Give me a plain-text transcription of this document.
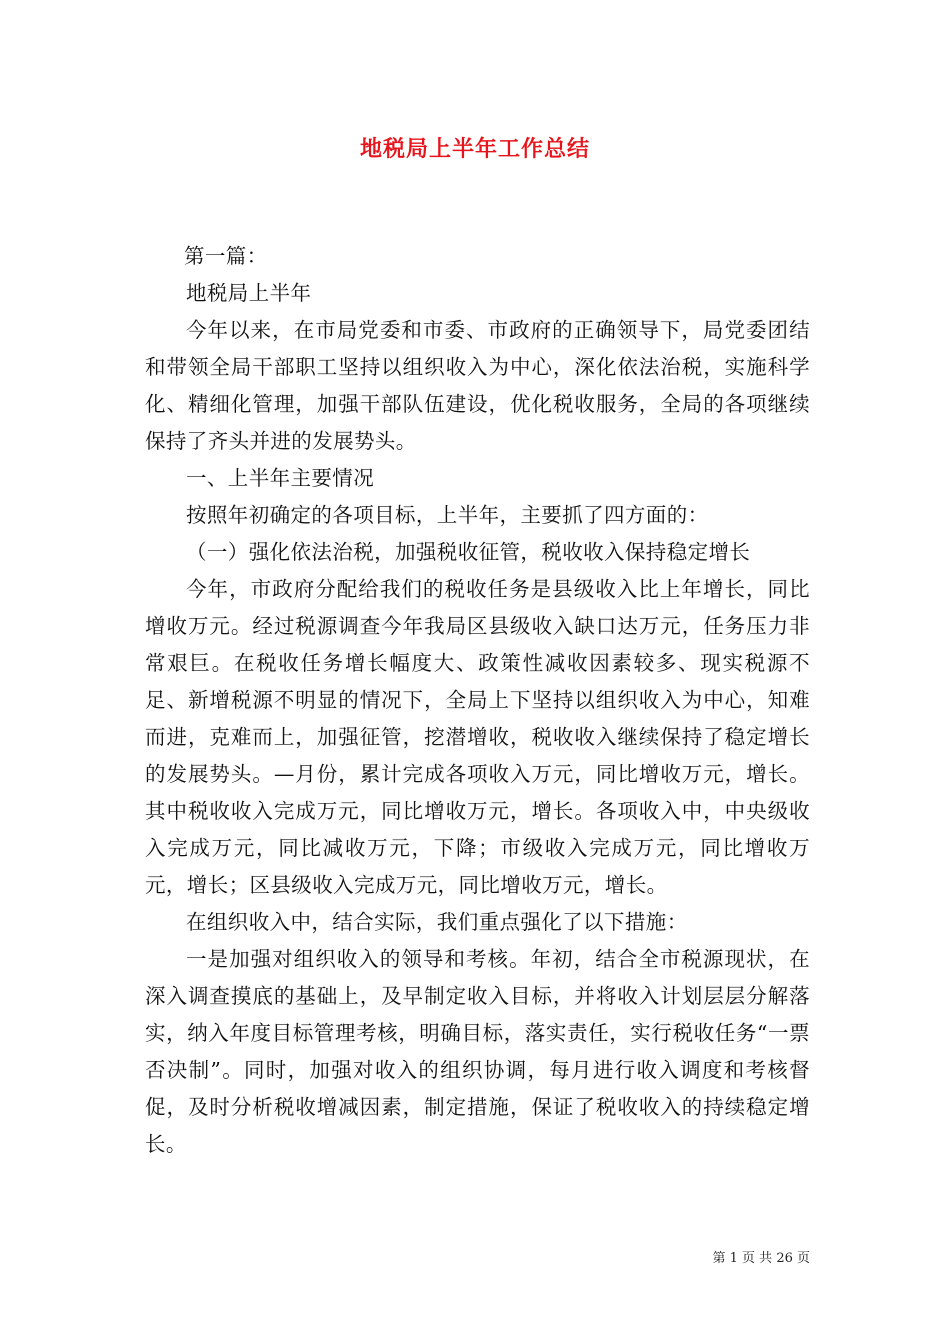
地税局上半年工作总结

第一篇：

地税局上半年

今年以来，在市局党委和市委、市政府的正确领导下，局党委团结和带领全局干部职工坚持以组织收入为中心，深化依法治税，实施科学化、精细化管理，加强干部队伍建设，优化税收服务，全局的各项继续保持了齐头并进的发展势头。

一、上半年主要情况

按照年初确定的各项目标，上半年，主要抓了四方面的：

（一）强化依法治税，加强税收征管，税收收入保持稳定增长

今年，市政府分配给我们的税收任务是县级收入比上年增长，同比增收万元。经过税源调查今年我局区县级收入缺口达万元，任务压力非常艰巨。在税收任务增长幅度大、政策性减收因素较多、现实税源不足、新增税源不明显的情况下，全局上下坚持以组织收入为中心，知难而进，克难而上，加强征管，挖潜增收，税收收入继续保持了稳定增长的发展势头。—月份，累计完成各项收入万元，同比增收万元，增长。其中税收收入完成万元，同比增收万元，增长。各项收入中，中央级收入完成万元，同比减收万元，下降；市级收入完成万元，同比增收万元，增长；区县级收入完成万元，同比增收万元，增长。

在组织收入中，结合实际，我们重点强化了以下措施：

一是加强对组织收入的领导和考核。年初，结合全市税源现状，在深入调查摸底的基础上，及早制定收入目标，并将收入计划层层分解落实，纳入年度目标管理考核，明确目标，落实责任，实行税收任务“一票否决制”。同时，加强对收入的组织协调，每月进行收入调度和考核督促，及时分析税收增减因素，制定措施，保证了税收收入的持续稳定增长。

第 1 页 共 26 页
